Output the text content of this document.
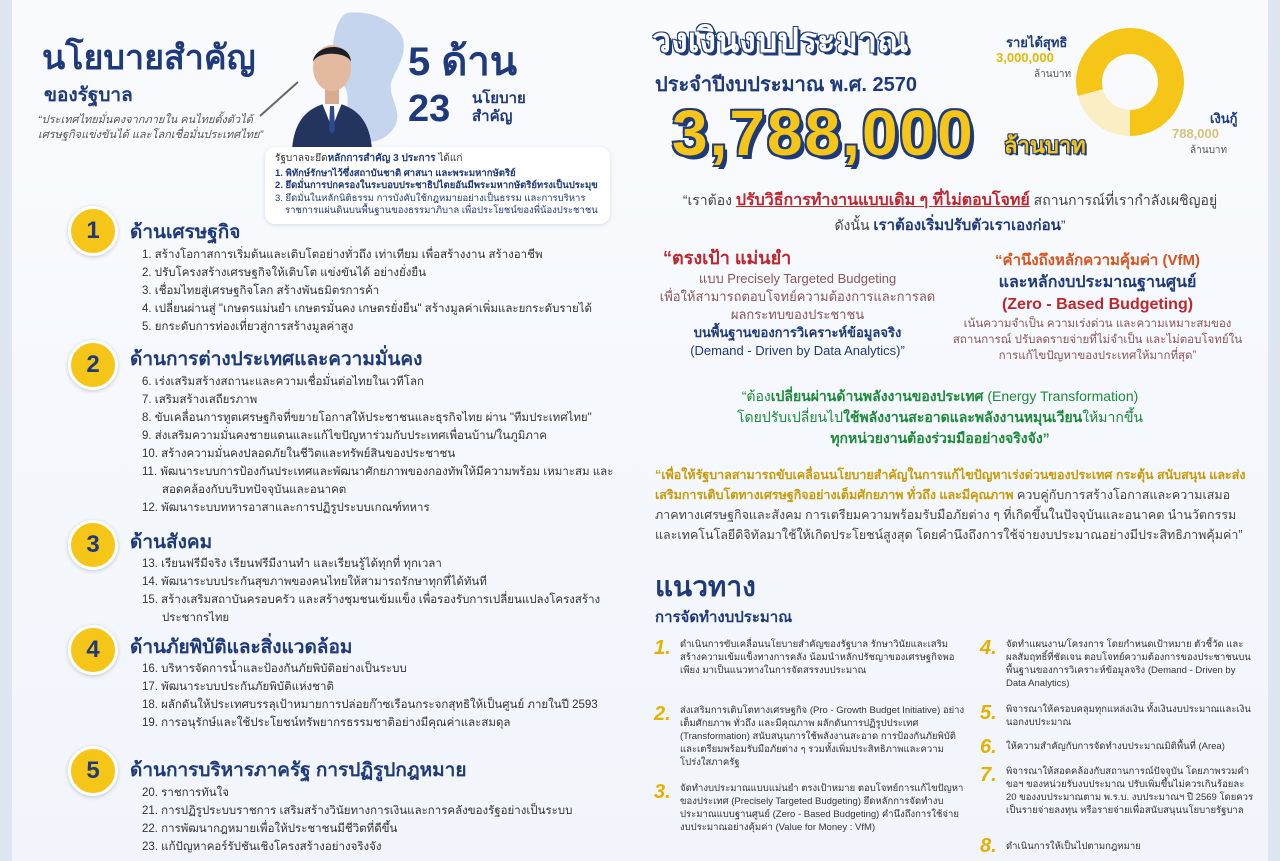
นโยบายสำคัญ
ของรัฐบาล
“ประเทศไทยมั่นคงจากภายใน คนไทยตั้งตัวได้ เศรษฐกิจแข่งขันได้ และโลกเชื่อมั่นประเทศไทย”
5 ด้าน
23 นโยบาย
สำคัญ
รัฐบาลจะยึดหลักการสำคัญ 3 ประการ ได้แก่
1. พิทักษ์รักษาไว้ซึ่งสถาบันชาติ ศาสนา และพระมหากษัตริย์
2. ยึดมั่นการปกครองในระบอบประชาธิปไตยอันมีพระมหากษัตริย์ทรงเป็นประมุข
3. ยึดมั่นในหลักนิติธรรม การบังคับใช้กฎหมายอย่างเป็นธรรม และการบริหารราชการแผ่นดินบนพื้นฐานของธรรมาภิบาล เพื่อประโยชน์ของพี่น้องประชาชน
1	ด้านเศรษฐกิจ
1. สร้างโอกาสการเริ่มต้นและเติบโตอย่างทั่วถึง เท่าเทียม เพื่อสร้างงาน สร้างอาชีพ
2. ปรับโครงสร้างเศรษฐกิจให้เติบโต แข่งขันได้ อย่างยั่งยืน
3. เชื่อมไทยสู่เศรษฐกิจโลก สร้างพันธมิตรการค้า
4. เปลี่ยนผ่านสู่ "เกษตรแม่นยำ เกษตรมั่นคง เกษตรยั่งยืน" สร้างมูลค่าเพิ่มและยกระดับรายได้
5. ยกระดับการท่องเที่ยวสู่การสร้างมูลค่าสูง
2	ด้านการต่างประเทศและความมั่นคง
6. เร่งเสริมสร้างสถานะและความเชื่อมั่นต่อไทยในเวทีโลก
7. เสริมสร้างเสถียรภาพ
8. ขับเคลื่อนการทูตเศรษฐกิจที่ขยายโอกาสให้ประชาชนและธุรกิจไทย ผ่าน "ทีมประเทศไทย"
9. ส่งเสริมความมั่นคงชายแดนและแก้ไขปัญหาร่วมกับประเทศเพื่อนบ้าน/ในภูมิภาค
10. สร้างความมั่นคงปลอดภัยในชีวิตและทรัพย์สินของประชาชน
11. พัฒนาระบบการป้องกันประเทศและพัฒนาศักยภาพของกองทัพให้มีความพร้อม เหมาะสม และสอดคล้องกับบริบทปัจจุบันและอนาคต
12. พัฒนาระบบทหารอาสาและการปฏิรูประบบเกณฑ์ทหาร
3	ด้านสังคม
13. เรียนฟรีมีจริง เรียนฟรีมีงานทำ และเรียนรู้ได้ทุกที่ ทุกเวลา
14. พัฒนาระบบประกันสุขภาพของคนไทยให้สามารถรักษาทุกที่ได้ทันที
15. สร้างเสริมสถาบันครอบครัว และสร้างชุมชนเข้มแข็ง เพื่อรองรับการเปลี่ยนแปลงโครงสร้างประชากรไทย
4	ด้านภัยพิบัติและสิ่งแวดล้อม
16. บริหารจัดการน้ำและป้องกันภัยพิบัติอย่างเป็นระบบ
17. พัฒนาระบบประกันภัยพิบัติแห่งชาติ
18. ผลักดันให้ประเทศบรรลุเป้าหมายการปล่อยก๊าซเรือนกระจกสุทธิให้เป็นศูนย์ ภายในปี 2593
19. การอนุรักษ์และใช้ประโยชน์ทรัพยากรธรรมชาติอย่างมีคุณค่าและสมดุล
5	ด้านการบริหารภาครัฐ การปฏิรูปกฎหมาย
20. ราชการทันใจ
21. การปฏิรูประบบราชการ เสริมสร้างวินัยทางการเงินและการคลังของรัฐอย่างเป็นระบบ
22. การพัฒนากฎหมายเพื่อให้ประชาชนมีชีวิตที่ดีขึ้น
23. แก้ปัญหาคอร์รัปชันเชิงโครงสร้างอย่างจริงจัง
วงเงินงบประมาณ
ประจำปีงบประมาณ พ.ศ. 2570
3,788,000 ล้านบาท
รายได้สุทธิ
3,000,000
ล้านบาท
เงินกู้
788,000
ล้านบาท
“เราต้อง ปรับวิธีการทำงานแบบเดิม ๆ ที่ไม่ตอบโจทย์ สถานการณ์ที่เรากำลังเผชิญอยู่
ดังนั้น เราต้องเริ่มปรับตัวเราเองก่อน”
“ตรงเป้า แม่นยำ
แบบ Precisely Targeted Budgeting
เพื่อให้สามารถตอบโจทย์ความต้องการและการลดผลกระทบของประชาชน
บนพื้นฐานของการวิเคราะห์ข้อมูลจริง
(Demand - Driven by Data Analytics)”
“คำนึงถึงหลักความคุ้มค่า (VfM)
และหลักงบประมาณฐานศูนย์
(Zero - Based Budgeting)
เน้นความจำเป็น ความเร่งด่วน และความเหมาะสมของสถานการณ์ ปรับลดรายจ่ายที่ไม่จำเป็น และไม่ตอบโจทย์ในการแก้ไขปัญหาของประเทศให้มากที่สุด”
“ต้องเปลี่ยนผ่านด้านพลังงานของประเทศ (Energy Transformation)
โดยปรับเปลี่ยนไปใช้พลังงานสะอาดและพลังงานหมุนเวียนให้มากขึ้น
ทุกหน่วยงานต้องร่วมมืออย่างจริงจัง”
“เพื่อให้รัฐบาลสามารถขับเคลื่อนนโยบายสำคัญในการแก้ไขปัญหาเร่งด่วนของประเทศ กระตุ้น สนับสนุน และส่งเสริมการเติบโตทางเศรษฐกิจอย่างเต็มศักยภาพ ทั่วถึง และมีคุณภาพ ควบคู่กับการสร้างโอกาสและความเสมอภาคทางเศรษฐกิจและสังคม การเตรียมความพร้อมรับมือภัยต่าง ๆ ที่เกิดขึ้นในปัจจุบันและอนาคต นำนวัตกรรมและเทคโนโลยีดิจิทัลมาใช้ให้เกิดประโยชน์สูงสุด โดยคำนึงถึงการใช้จ่ายงบประมาณอย่างมีประสิทธิภาพคุ้มค่า”
แนวทาง
การจัดทำงบประมาณ
1. ดำเนินการขับเคลื่อนนโยบายสำคัญของรัฐบาล รักษาวินัยและเสริมสร้างความเข้มแข็งทางการคลัง น้อมนำหลักปรัชญาของเศรษฐกิจพอเพียง มาเป็นแนวทางในการจัดสรรงบประมาณ
2. ส่งเสริมการเติบโตทางเศรษฐกิจ (Pro - Growth Budget Initiative) อย่างเต็มศักยภาพ ทั่วถึง และมีคุณภาพ ผลักดันการปฏิรูปประเทศ (Transformation) สนับสนุนการใช้พลังงานสะอาด การป้องกันภัยพิบัติและเตรียมพร้อมรับมือภัยต่าง ๆ รวมทั้งเพิ่มประสิทธิภาพและความโปร่งใสภาครัฐ
3. จัดทำงบประมาณแบบแม่นยำ ตรงเป้าหมาย ตอบโจทย์การแก้ไขปัญหาของประเทศ (Precisely Targeted Budgeting) ยึดหลักการจัดทำงบประมาณแบบฐานศูนย์ (Zero - Based Budgeting) คำนึงถึงการใช้จ่ายงบประมาณอย่างคุ้มค่า (Value for Money : VfM)
4. จัดทำแผนงาน/โครงการ โดยกำหนดเป้าหมาย ตัวชี้วัด และผลสัมฤทธิ์ที่ชัดเจน ตอบโจทย์ความต้องการของประชาชนบนพื้นฐานของการวิเคราะห์ข้อมูลจริง (Demand - Driven by Data Analytics)
5. พิจารณาให้ครอบคลุมทุกแหล่งเงิน ทั้งเงินงบประมาณและเงินนอกงบประมาณ
6. ให้ความสำคัญกับการจัดทำงบประมาณมิติพื้นที่ (Area)
7. พิจารณาให้สอดคล้องกับสถานการณ์ปัจจุบัน โดยภาพรวมคำขอฯ ของหน่วยรับงบประมาณ ปรับเพิ่มขึ้นไม่ควรเกินร้อยละ 20 ของงบประมาณตาม พ.ร.บ. งบประมาณฯ ปี 2569 โดยควรเป็นรายจ่ายลงทุน หรือรายจ่ายเพื่อสนับสนุนนโยบายรัฐบาล
8. ดำเนินการให้เป็นไปตามกฎหมาย
